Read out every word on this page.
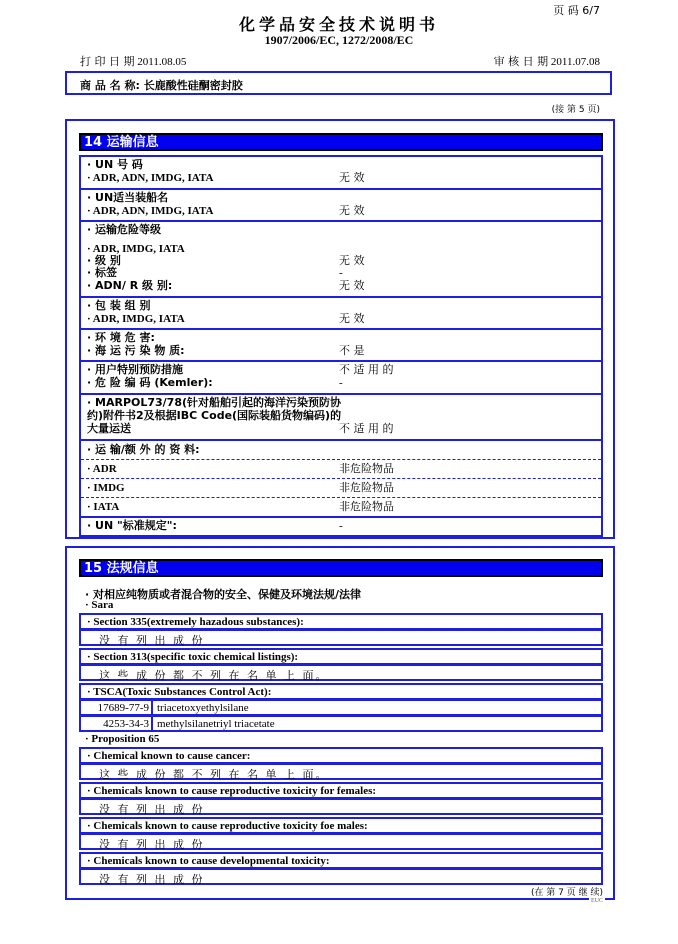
页 码 6/7
化学品安全技术说明书
1907/2006/EC, 1272/2008/EC
打 印 日 期 2011.08.05	审 核 日 期 2011.07.08
商 品 名 称: 长鹿酸性硅酮密封胶
(接 第 5 页)
14 运输信息
· UN 号 码
· ADR, ADN, IMDG, IATA	无 效
· UN适当装船名
· ADR, ADN, IMDG, IATA	无 效
· 运输危险等级
· ADR, IMDG, IATA
· 级 别	无 效
· 标签	-
· ADN/ R 级 别:	无 效
· 包 装 组 别
· ADR, IMDG, IATA	无 效
· 环 境 危 害:
· 海 运 污 染 物 质:	不 是
· 用户特别预防措施	不 适 用 的
· 危 险 编 码 (Kemler):	-
· MARPOL73/78(针对船舶引起的海洋污染预防协
约)附件书2及根据IBC Code(国际装船货物编码)的
大量运送	不 适 用 的
· 运 输/额 外 的 资 料:
· ADR	非危险物品
· IMDG	非危险物品
· IATA	非危险物品
· UN "标准规定":	-
15 法规信息
· 对相应纯物质或者混合物的安全、保健及环境法规/法律
· Sara
· Section 335(extremely hazadous substances):
没 有 列 出 成 份
· Section 313(specific toxic chemical listings):
这 些 成 份 都 不 列 在 名 单 上 面。
· TSCA(Toxic Substances Control Act):
17689-77-9 triacetoxyethylsilane
4253-34-3 methylsilanetriyl triacetate
· Proposition 65
· Chemical known to cause cancer:
这 些 成 份 都 不 列 在 名 单 上 面。
· Chemicals known to cause reproductive toxicity for females:
没 有 列 出 成 份
· Chemicals known to cause reproductive toxicity foe males:
没 有 列 出 成 份
· Chemicals known to cause developmental toxicity:
没 有 列 出 成 份
(在 第 7 页 继 续)
EUC
